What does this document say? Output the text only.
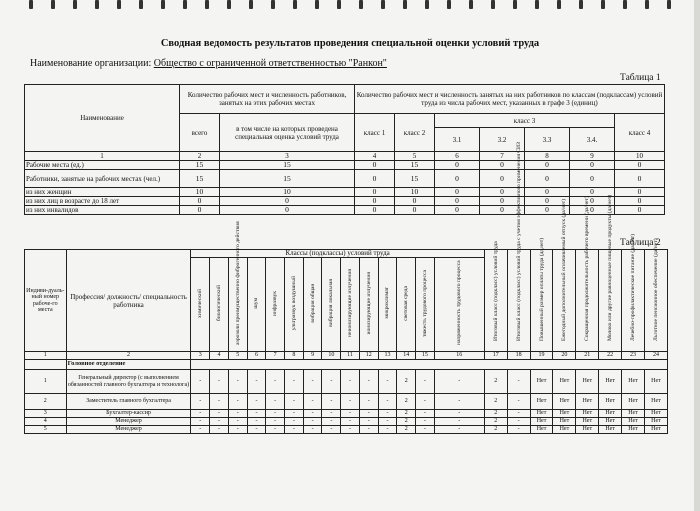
Сводная ведомость результатов проведения специальной оценки условий труда
Наименование организации: Общество с ограниченной ответственностью "Ранкон"
Таблица 1
Наименование	Количество рабочих мест и численность работников, занятых на этих рабочих местах		Количество рабочих мест и численность занятых на них работников по классам (подклассам) условий труда из числа рабочих мест, указанных в графе 3 (единиц)						
	всего	в том числе на которых проведена специальная оценка условий труда	класс 1	класс 2	класс 3				класс 4
					3.1	3.2	3.3	3.4.	
1	2	3	4	5	6	7	8	9	10
Рабочие места (ед.)	15	15	0	15	0	0	0	0	0
Работники, занятые на рабочих местах (чел.)	15	15	0	15	0	0	0	0	0
из них женщин	10	10	0	10	0	0	0	0	0
из них лиц в возрасте до 18 лет	0	0	0	0	0	0	0	0	0
из них инвалидов	0	0	0	0	0	0	0	0	0
Таблица 2
Индиви-дуаль-ный номер рабоче-го места	Профессия/ должность/ специальность работника	Классы (подклассы) условий труда														Итоговый класс (подкласс) условий труда	Итоговый класс (подкласс) условий труда с учетом эффективного применения СИЗ	Повышенный размер оплаты труда (да,нет)	Ежегодный дополнительный оплачиваемый отпуск (да/нет)	Сокращенная продолжительность рабочего времени (да/нет)	Молоко или другие равноценные пищевые продукты (да/нет)	Лечебно-профилактическое питание (да/нет)	Льготное пенсионное обеспечение (да/нет)
		химический	биологический	аэрозоли преимущественно фиброгенного действия	шум	инфразвук	ультразвук воздушный	вибрация общая	вибрация локальная	неионизирующие излучения	ионизирующие излучения	микроклимат	световая среда	тяжесть трудового процесса	напряженность трудового процесса								
1	2	3	4	5	6	7	8	9	10	11	12	13	14	15	16	17	18	19	20	21	22	23	24
	Головное отделение																						
1	Генеральный директор (с выполнением обязанностей главного бухгалтера и технолога)	-	-	-	-	-	-	-	-	-	-	-	2	-	-	2	-	Нет	Нет	Нет	Нет	Нет	Нет
2	Заместитель главного бухгалтера	-	-	-	-	-	-	-	-	-	-	-	2	-	-	2	-	Нет	Нет	Нет	Нет	Нет	Нет
3	Бухгалтер-кассир	-	-	-	-	-	-	-	-	-	-	-	2	-	-	2	-	Нет	Нет	Нет	Нет	Нет	Нет
4	Менеджер	-	-	-	-	-	-	-	-	-	-	-	2	-	-	2	-	Нет	Нет	Нет	Нет	Нет	Нет
5	Менеджер	-	-	-	-	-	-	-	-	-	-	-	2	-	-	2	-	Нет	Нет	Нет	Нет	Нет	Нет
